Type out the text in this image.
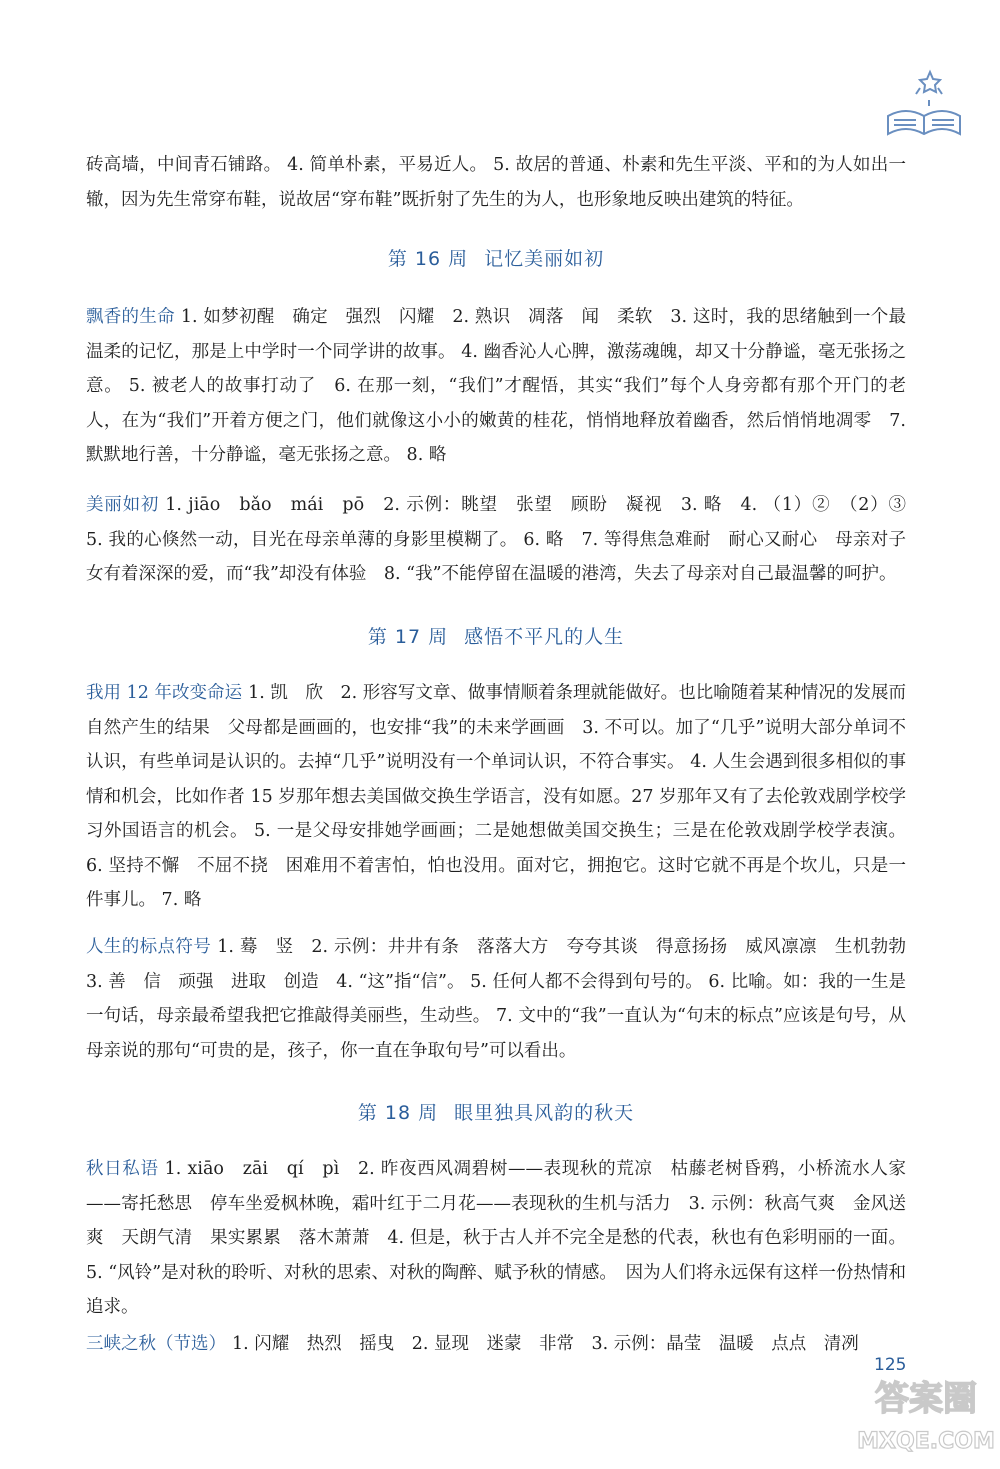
砖高墙，中间青石铺路。 4. 简单朴素，平易近人。 5. 故居的普通、朴素和先生平淡、平和的为人如出一辙，因为先生常穿布鞋，说故居“穿布鞋”既折射了先生的为人，也形象地反映出建筑的特征。
第 16 周 记忆美丽如初
飘香的生命 1. 如梦初醒　确定　强烈　闪耀　2. 熟识　凋落　闻　柔软　3. 这时，我的思绪触到一个最温柔的记忆，那是上中学时一个同学讲的故事。 4. 幽香沁人心脾，激荡魂魄，却又十分静谧，毫无张扬之意。 5. 被老人的故事打动了　6. 在那一刻，“我们”才醒悟，其实“我们”每个人身旁都有那个开门的老人，在为“我们”开着方便之门，他们就像这小小的嫩黄的桂花，悄悄地释放着幽香，然后悄悄地凋零　7. 默默地行善，十分静谧，毫无张扬之意。 8. 略
美丽如初 1. jiāo　bǎo　mái　pō　2. 示例：眺望　张望　顾盼　凝视　3. 略　4. （1）②　（2）③　5. 我的心倏然一动，目光在母亲单薄的身影里模糊了。 6. 略　7. 等得焦急难耐　耐心又耐心　母亲对子女有着深深的爱，而“我”却没有体验　8. “我”不能停留在温暖的港湾，失去了母亲对自己最温馨的呵护。
第 17 周 感悟不平凡的人生
我用 12 年改变命运 1. 凯　欣　2. 形容写文章、做事情顺着条理就能做好。也比喻随着某种情况的发展而自然产生的结果　父母都是画画的，也安排“我”的未来学画画　3. 不可以。加了“几乎”说明大部分单词不认识，有些单词是认识的。去掉“几乎”说明没有一个单词认识，不符合事实。 4. 人生会遇到很多相似的事情和机会，比如作者 15 岁那年想去美国做交换生学语言，没有如愿。27 岁那年又有了去伦敦戏剧学校学习外国语言的机会。 5. 一是父母安排她学画画；二是她想做美国交换生；三是在伦敦戏剧学校学表演。 6. 坚持不懈　不屈不挠　困难用不着害怕，怕也没用。面对它，拥抱它。这时它就不再是个坎儿，只是一件事儿。 7. 略
人生的标点符号 1. 蓦　竖　2. 示例：井井有条　落落大方　夸夸其谈　得意扬扬　威风凛凛　生机勃勃　3. 善　信　顽强　进取　创造　4. “这”指“信”。 5. 任何人都不会得到句号的。 6. 比喻。如：我的一生是一句话，母亲最希望我把它推敲得美丽些，生动些。 7. 文中的“我”一直认为“句末的标点”应该是句号，从母亲说的那句“可贵的是，孩子，你一直在争取句号”可以看出。
第 18 周 眼里独具风韵的秋天
秋日私语 1. xiāo　zāi　qí　pì　2. 昨夜西风凋碧树——表现秋的荒凉　枯藤老树昏鸦，小桥流水人家——寄托愁思　停车坐爱枫林晚，霜叶红于二月花——表现秋的生机与活力　3. 示例：秋高气爽　金风送爽　天朗气清　果实累累　落木萧萧　4. 但是，秋于古人并不完全是愁的代表，秋也有色彩明丽的一面。 5. “风铃”是对秋的聆听、对秋的思索、对秋的陶醉、赋予秋的情感。　因为人们将永远保有这样一份热情和追求。
三峡之秋（节选） 1. 闪耀　热烈　摇曳　2. 显现　迷蒙　非常　3. 示例：晶莹　温暖　点点　清冽
125
答案圈
MXQE.COM
